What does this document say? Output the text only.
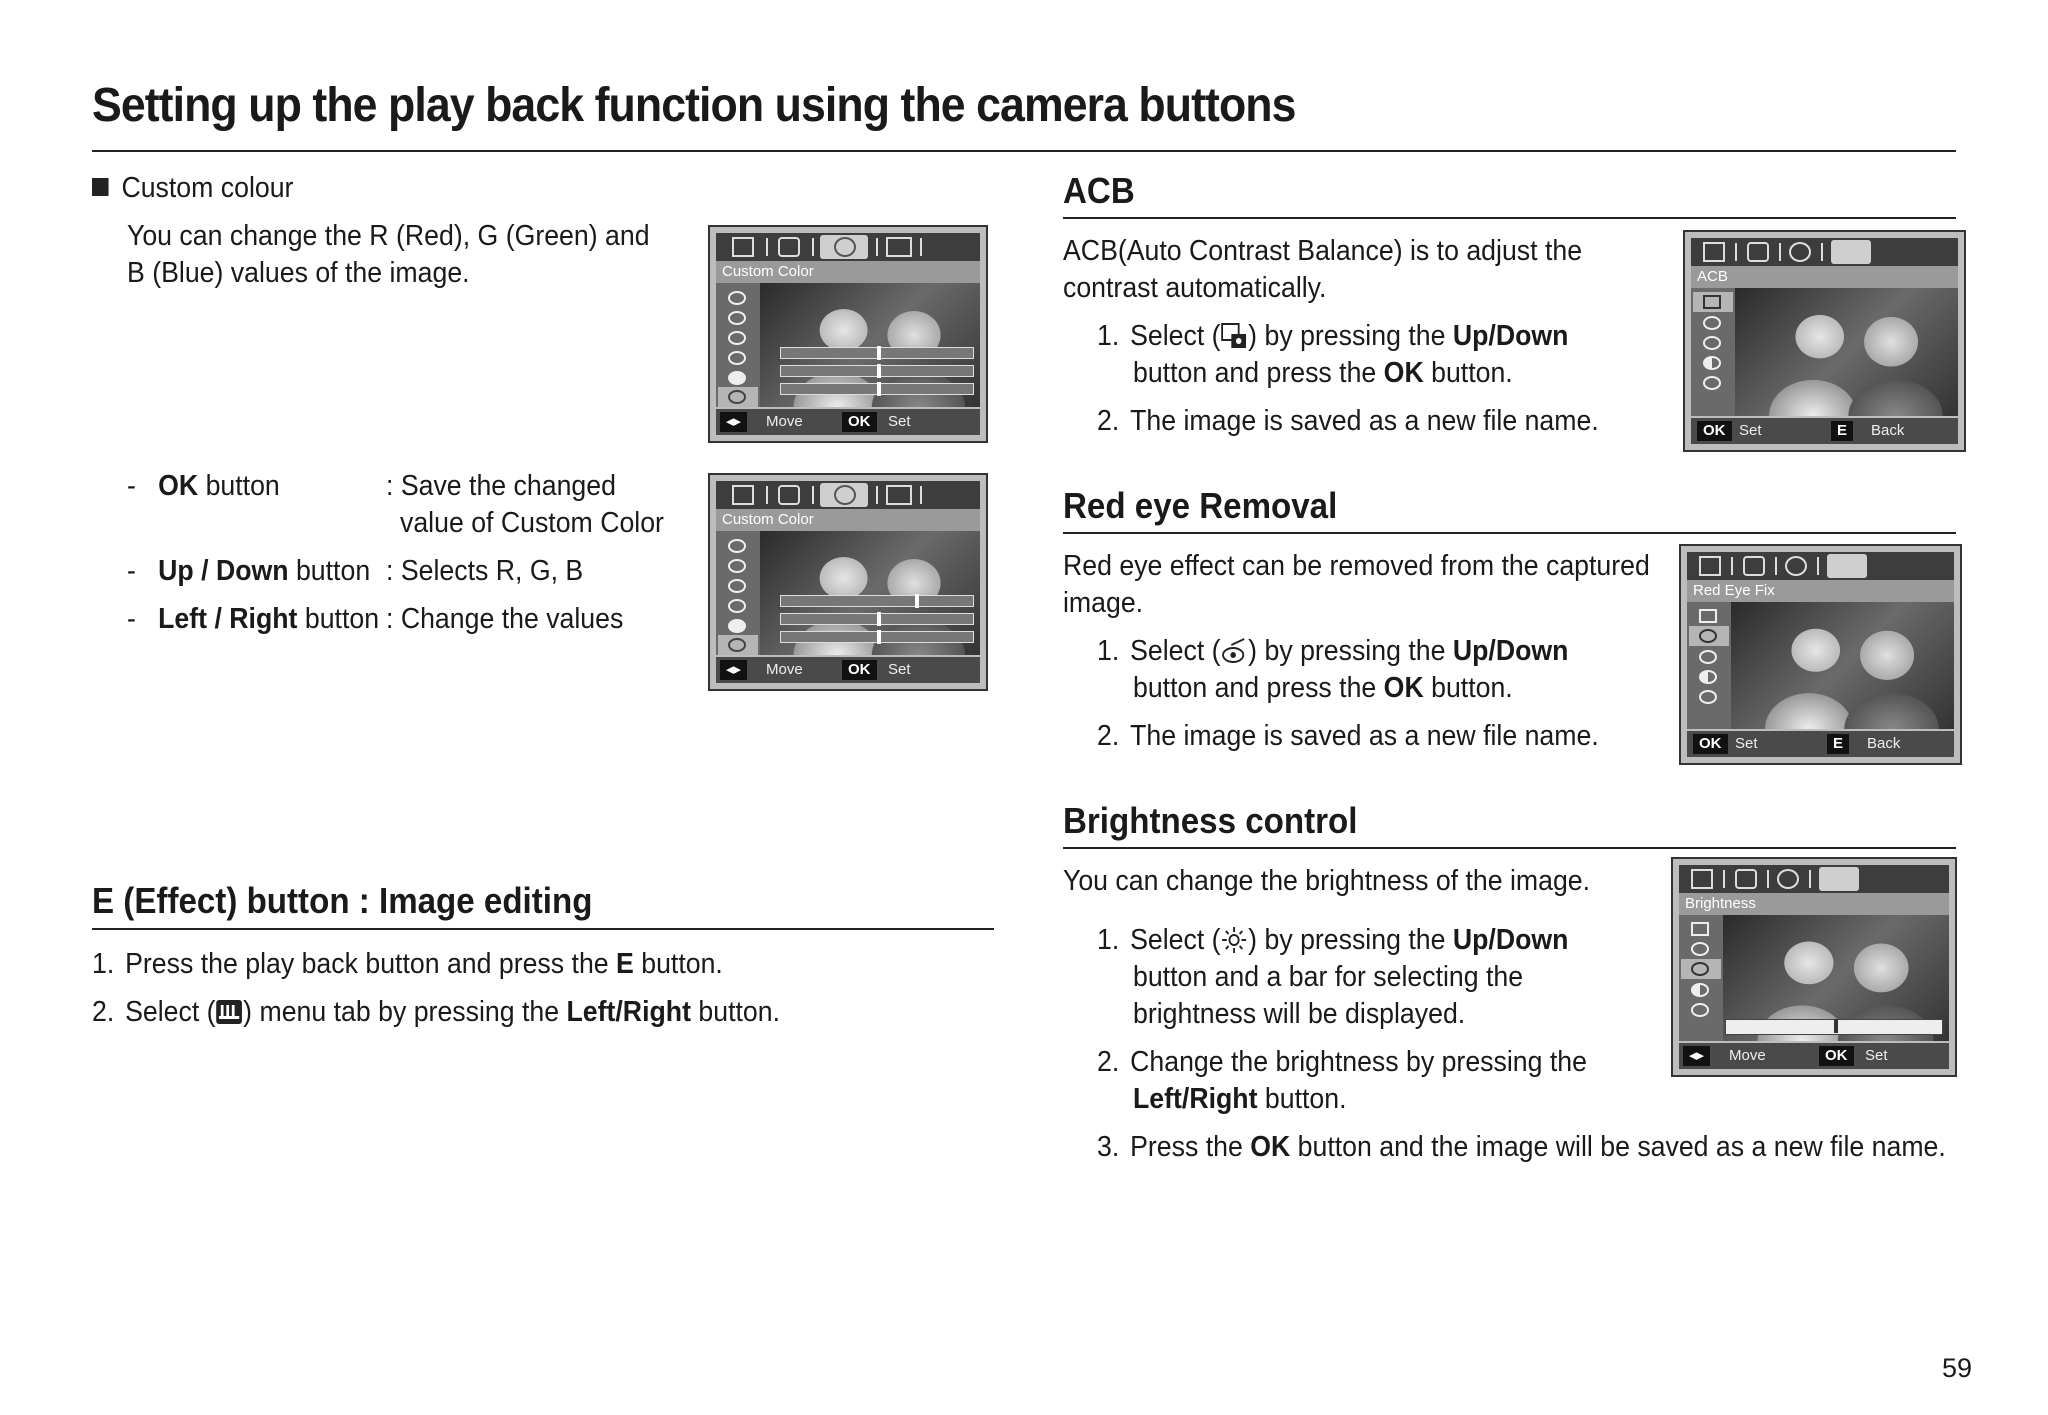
Setting up the play back function using the camera buttons
Custom colour
You can change the R (Red), G (Green) and
B (Blue) values of the image.
- OK button	: Save the changed
value of Custom Color
- Up / Down button : Selects R, G, B
- Left / Right button : Change the values
Custom Color
◂▸	Move	OK	Set
Custom Color
◂▸	Move	OK	Set
E (Effect) button : Image editing
1. Press the play back button and press the E button.
2. Select ( ) menu tab by pressing the Left/Right button.
ACB
ACB(Auto Contrast Balance) is to adjust the
contrast automatically.
1. Select ( ) by pressing the Up/Down
button and press the OK button.
2. The image is saved as a new file name.
ACB
OK Set	E	Back
Red eye Removal
Red eye effect can be removed from the captured
image.
1. Select ( ) by pressing the Up/Down
button and press the OK button.
2. The image is saved as a new file name.
Red Eye Fix
OK Set	E	Back
Brightness control
You can change the brightness of the image.
1. Select ( ) by pressing the Up/Down
button and a bar for selecting the
brightness will be displayed.
2. Change the brightness by pressing the
Left/Right button.
3. Press the OK button and the image will be saved as a new file name.
Brightness
◂▸	Move	OK	Set
59
